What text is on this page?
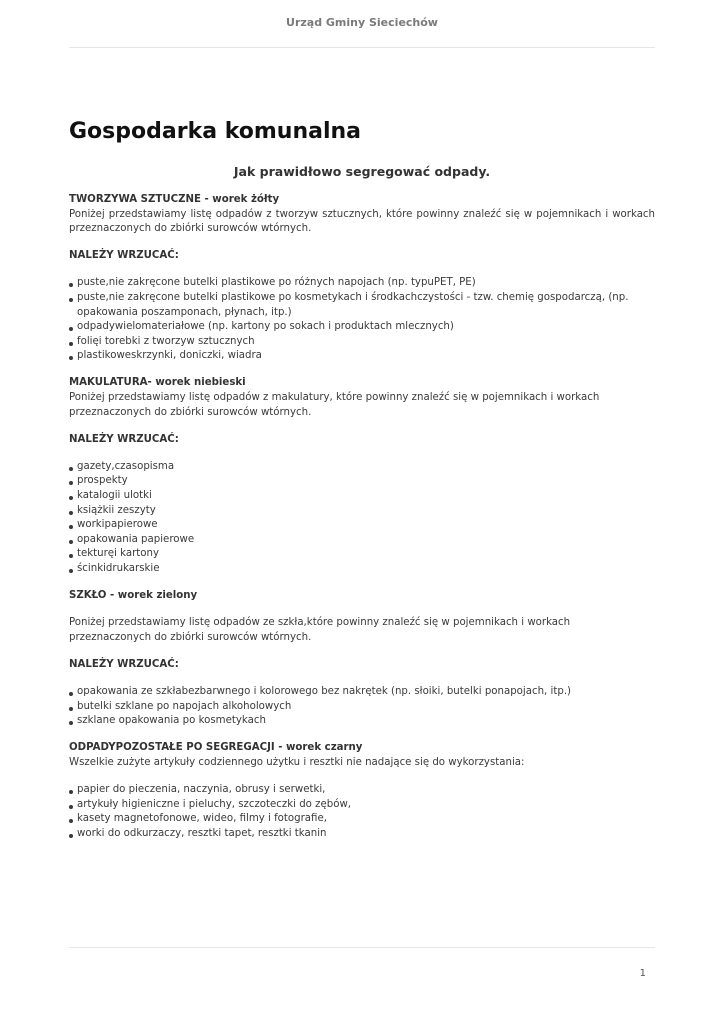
Urząd Gminy Sieciechów
Gospodarka komunalna
Jak prawidłowo segregować odpady.

TWORZYWA SZTUCZNE - worek żółty

Poniżej przedstawiamy listę odpadów z tworzyw sztucznych, które powinny znaleźć się w pojemnikach i workach przeznaczonych do zbiórki surowców wtórnych.

NALEŻY WRZUCAĆ:

puste,nie zakręcone butelki plastikowe po różnych napojach (np. typuPET, PE)
puste,nie zakręcone butelki plastikowe po kosmetykach i środkachczystości - tzw. chemię gospodarczą, (np. opakowania poszamponach, płynach, itp.)
odpadywielomateriałowe (np. kartony po sokach i produktach mlecznych)
folięi torebki z tworzyw sztucznych
plastikoweskrzynki, doniczki, wiadra

MAKULATURA- worek niebieski

Poniżej przedstawiamy listę odpadów z makulatury, które powinny znaleźć się w pojemnikach i workach przeznaczonych do zbiórki surowców wtórnych.

NALEŻY WRZUCAĆ:

gazety,czasopisma
prospekty
katalogii ulotki
książkii zeszyty
workipapierowe
opakowania papierowe
tekturęi kartony
ścinkidrukarskie

SZKŁO - worek zielony

Poniżej przedstawiamy listę odpadów ze szkła,które powinny znaleźć się w pojemnikach i workach przeznaczonych do zbiórki surowców wtórnych.

NALEŻY WRZUCAĆ:

opakowania ze szkłabezbarwnego i kolorowego bez nakrętek (np. słoiki, butelki ponapojach, itp.)
butelki szklane po napojach alkoholowych
szklane opakowania po kosmetykach

ODPADYPOZOSTAŁE PO SEGREGACJI - worek czarny

Wszelkie zużyte artykuły codziennego użytku i resztki nie nadające się do wykorzystania:

papier do pieczenia, naczynia, obrusy i serwetki,
artykuły higieniczne i pieluchy, szczoteczki do zębów,
kasety magnetofonowe, wideo, filmy i fotografie,
worki do odkurzaczy, resztki tapet, resztki tkanin
1
